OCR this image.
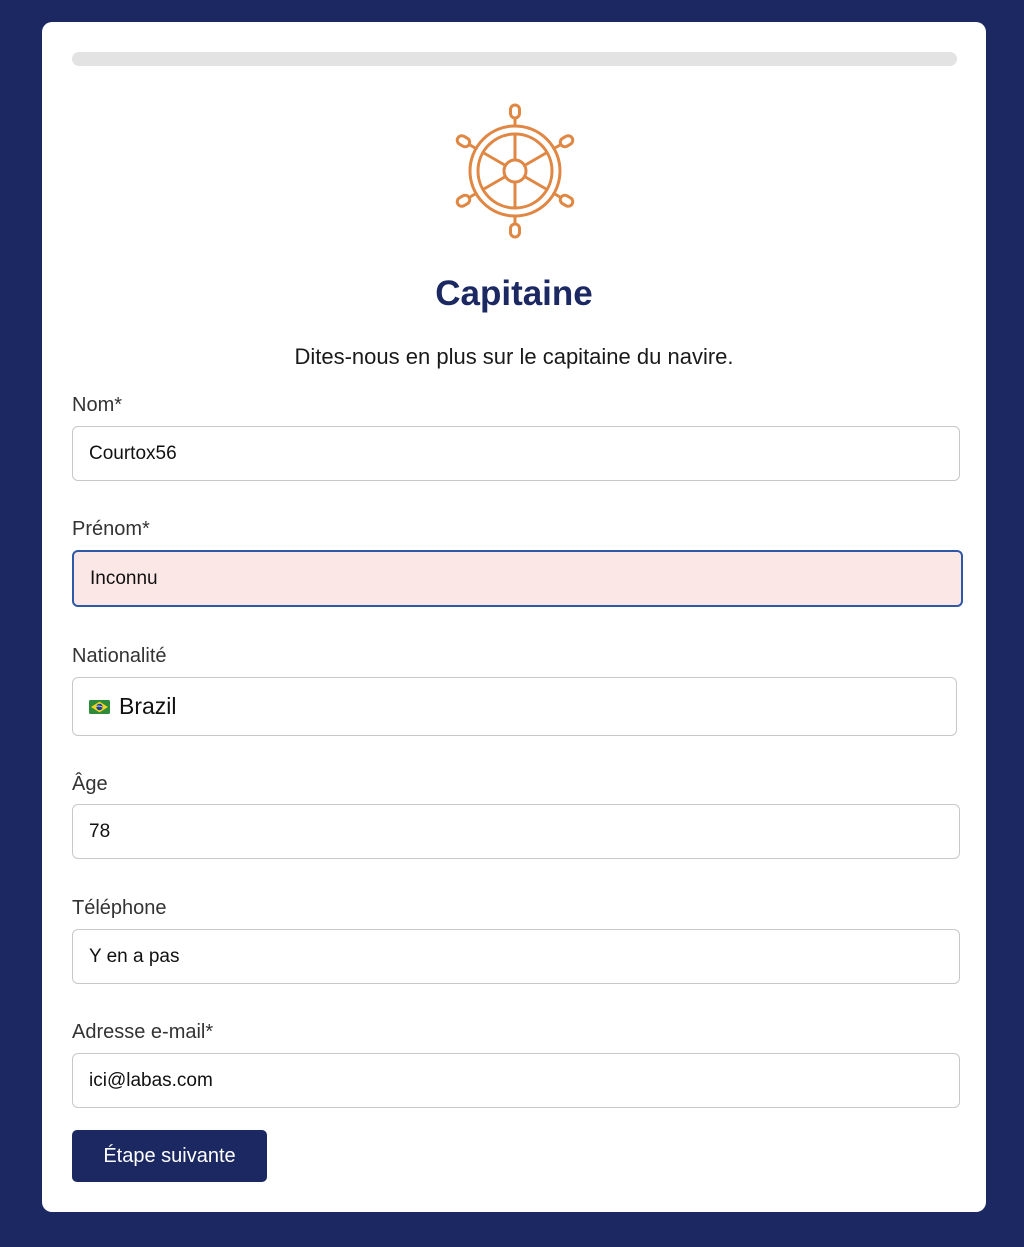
Capitaine

Dites-nous en plus sur le capitaine du navire.

Nom*
Courtox56
Prénom*
Inconnu
Nationalité
Brazil
Âge
78
Téléphone
Y en a pas
Adresse e-mail*
ici@labas.com
Étape suivante
